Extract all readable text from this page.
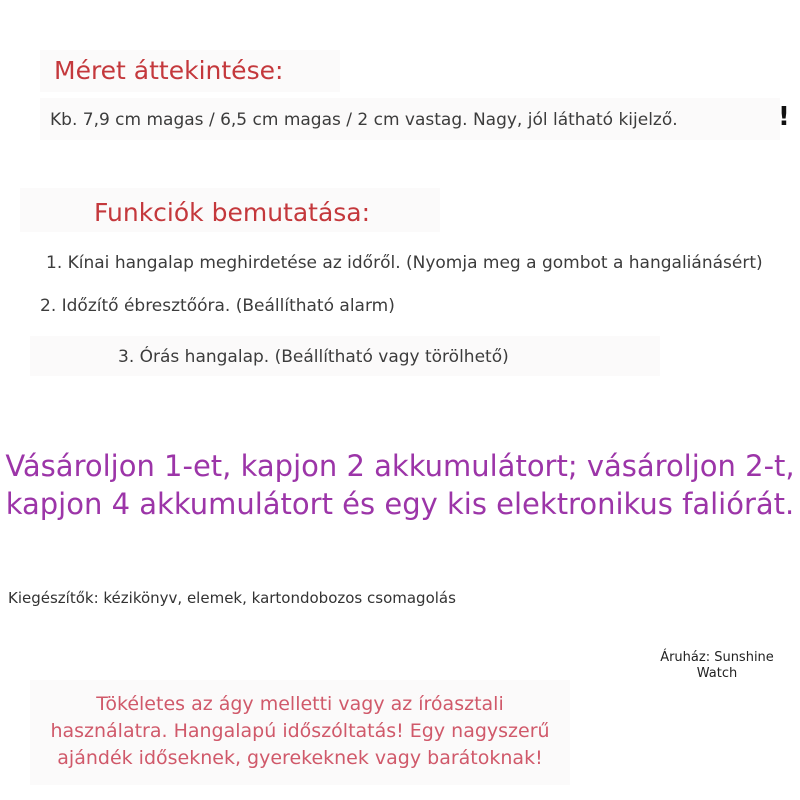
Méret áttekintése:
Kb. 7,9 cm magas / 6,5 cm magas / 2 cm vastag. Nagy, jól látható kijelző.	!
Funkciók bemutatása:
1. Kínai hangalap meghirdetése az időről. (Nyomja meg a gombot a hangaliánásért)
2. Időzítő ébresztőóra. (Beállítható alarm)
3. Órás hangalap. (Beállítható vagy törölhető)
Vásároljon 1-et, kapjon 2 akkumulátort; vásároljon 2-t,
kapjon 4 akkumulátort és egy kis elektronikus faliórát.
Kiegészítők: kézikönyv, elemek, kartondobozos csomagolás
Áruház: Sunshine
Watch
Tökéletes az ágy melletti vagy az íróasztali
használatra. Hangalapú időszóltatás! Egy nagyszerű
ajándék időseknek, gyerekeknek vagy barátoknak!
